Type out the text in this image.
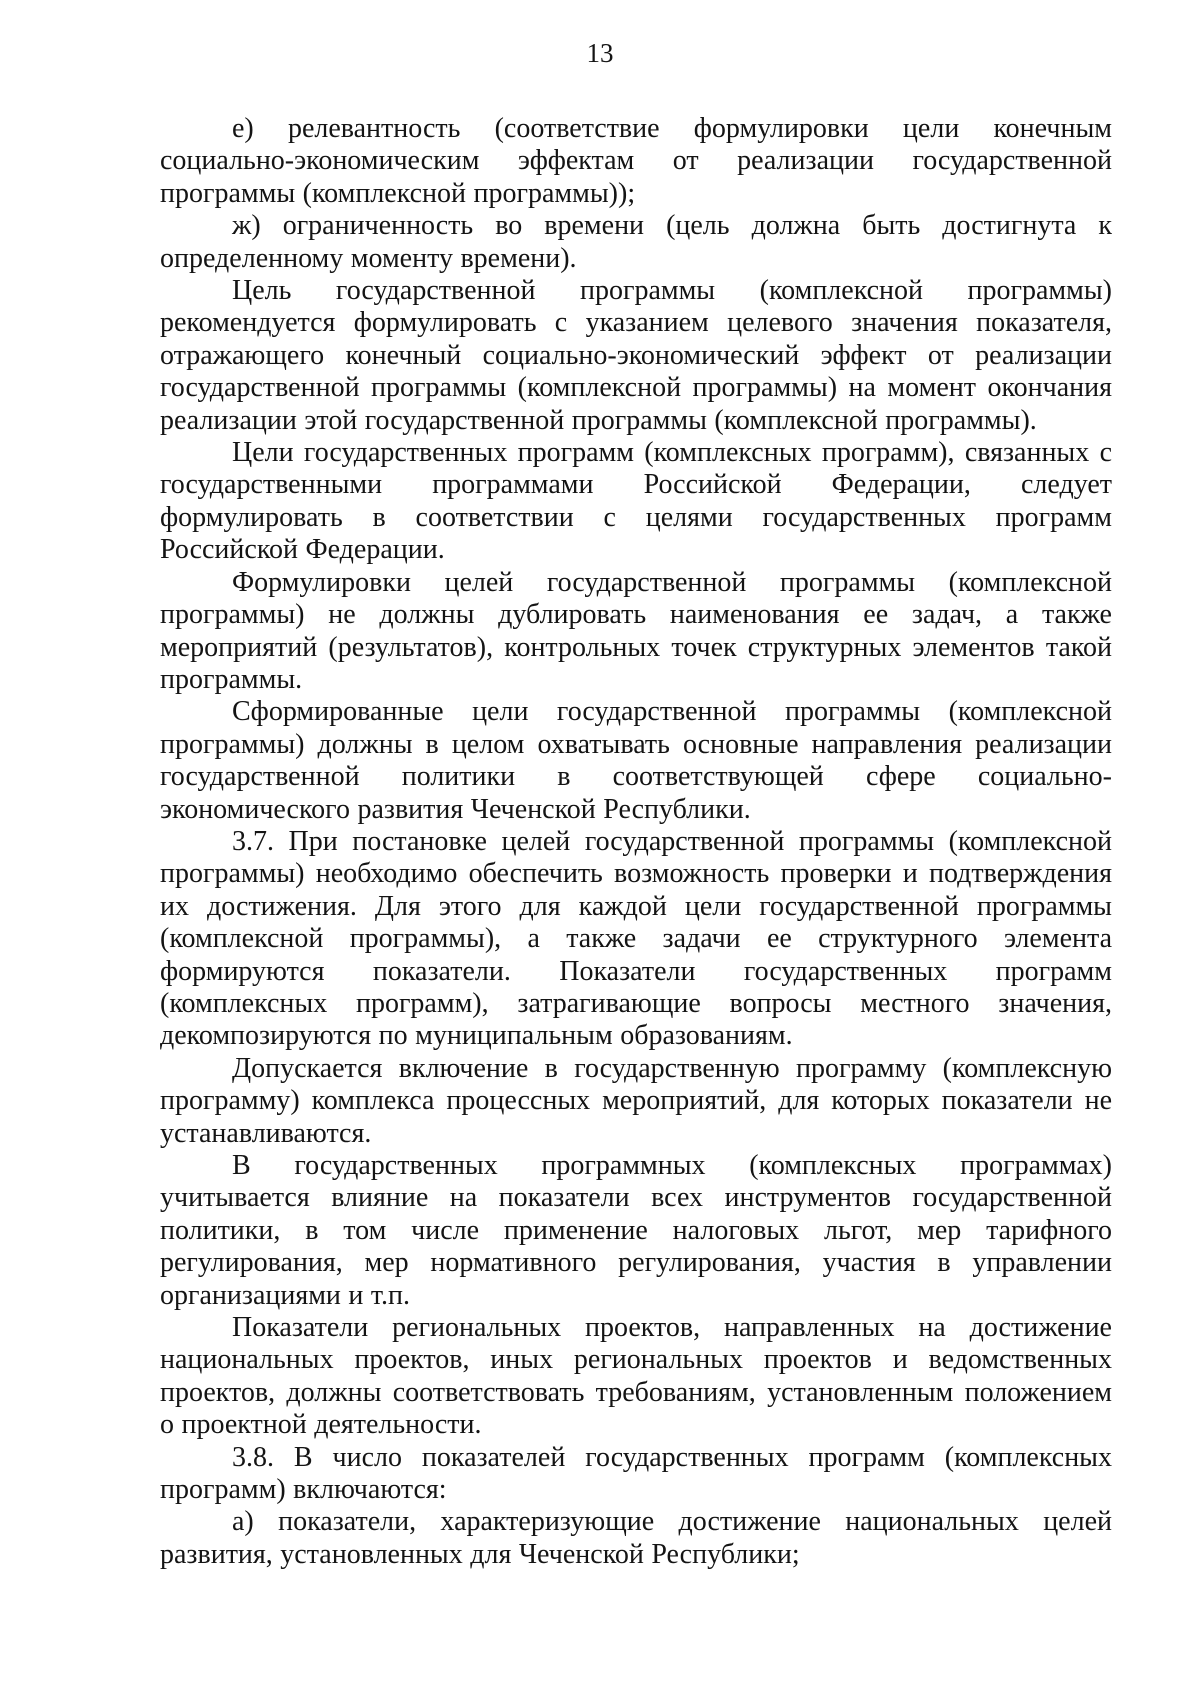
13

е) релевантность (соответствие формулировки цели конечным социально-экономическим эффектам от реализации государственной программы (комплексной программы));

ж) ограниченность во времени (цель должна быть достигнута к определенному моменту времени).

Цель государственной программы (комплексной программы) рекомендуется формулировать с указанием целевого значения показателя, отражающего конечный социально-экономический эффект от реализации государственной программы (комплексной программы) на момент окончания реализации этой государственной программы (комплексной программы).

Цели государственных программ (комплексных программ), связанных с государственными программами Российской Федерации, следует формулировать в соответствии с целями государственных программ Российской Федерации.

Формулировки целей государственной программы (комплексной программы) не должны дублировать наименования ее задач, а также мероприятий (результатов), контрольных точек структурных элементов такой программы.

Сформированные цели государственной программы (комплексной программы) должны в целом охватывать основные направления реализации государственной политики в соответствующей сфере социально-экономического развития Чеченской Республики.

3.7. При постановке целей государственной программы (комплексной программы) необходимо обеспечить возможность проверки и подтверждения их достижения. Для этого для каждой цели государственной программы (комплексной программы), а также задачи ее структурного элемента формируются показатели. Показатели государственных программ (комплексных программ), затрагивающие вопросы местного значения, декомпозируются по муниципальным образованиям.

Допускается включение в государственную программу (комплексную программу) комплекса процессных мероприятий, для которых показатели не устанавливаются.

В государственных программных (комплексных программах) учитывается влияние на показатели всех инструментов государственной политики, в том числе применение налоговых льгот, мер тарифного регулирования, мер нормативного регулирования, участия в управлении организациями и т.п.

Показатели региональных проектов, направленных на достижение национальных проектов, иных региональных проектов и ведомственных проектов, должны соответствовать требованиям, установленным положением о проектной деятельности.

3.8. В число показателей государственных программ (комплексных программ) включаются:

а) показатели, характеризующие достижение национальных целей развития, установленных для Чеченской Республики;
